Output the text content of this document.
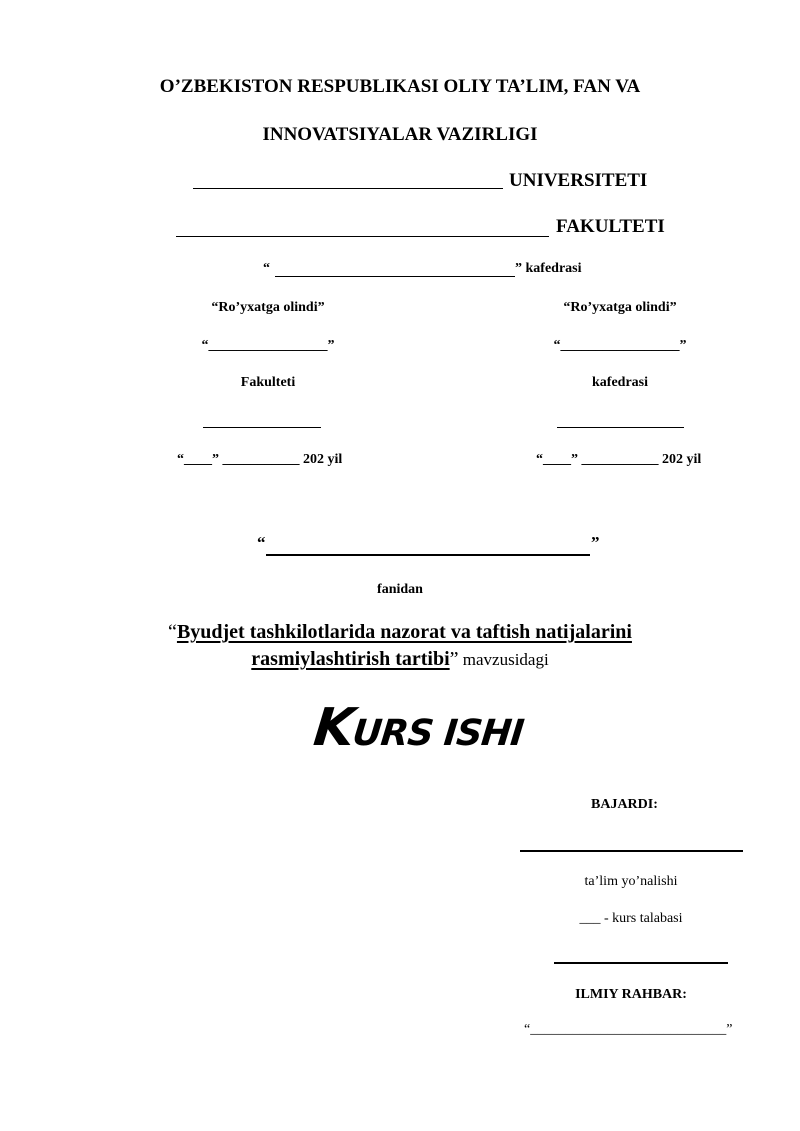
O’ZBEKISTON RESPUBLIKASI OLIY TA’LIM, FAN VA
INNOVATSIYALAR VAZIRLIGI
UNIVERSITETI
FAKULTETI
“	” kafedrasi
“Ro’yxatga olindi”
“_________________”
Fakulteti
“____” ___________ 202 yil
“Ro’yxatga olindi”
“_________________”
kafedrasi
“____” ___________ 202 yil
“	”
fanidan
“Byudjet tashkilotlarida nazorat va taftish natijalarini
rasmiylashtirish tartibi” mavzusidagi
KURS ISHI
BAJARDI:
ta’lim yo’nalishi
___ - kurs talabasi
ILMIY RAHBAR:
“____________________________”
